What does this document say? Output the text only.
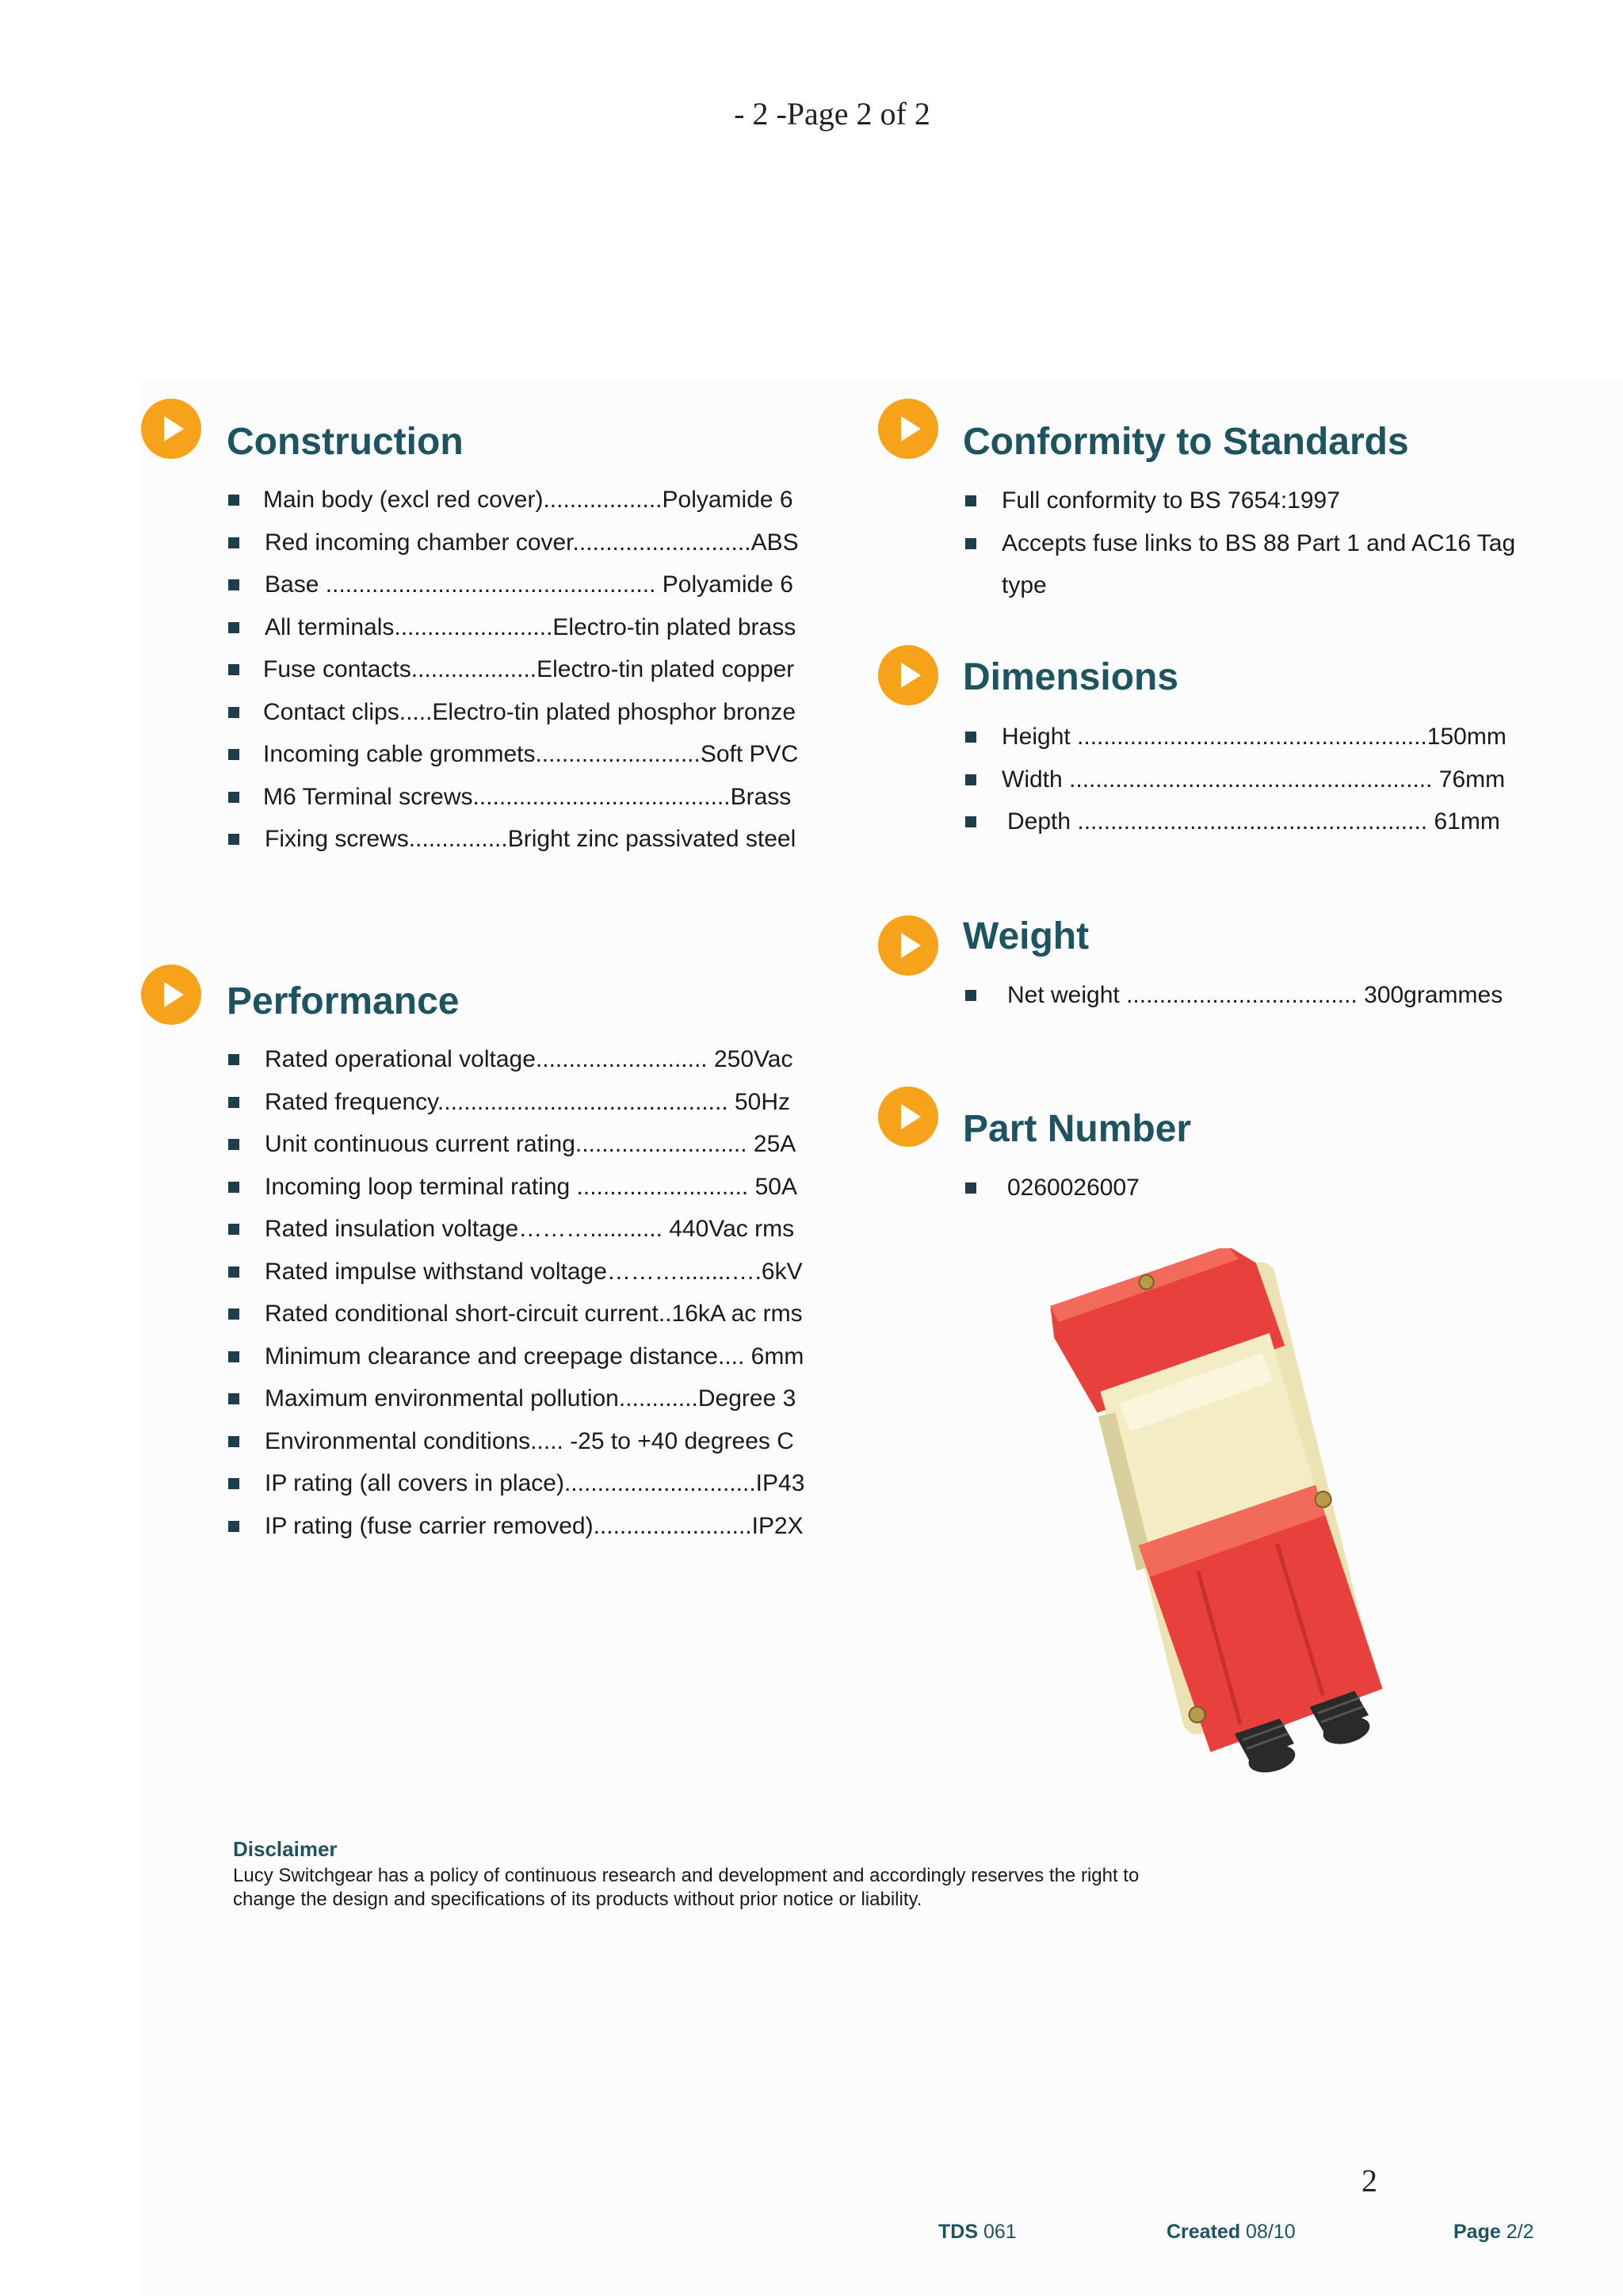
- 2 -Page 2 of 2
Construction
Main body (excl red cover)..................Polyamide 6
Red incoming chamber cover...........................ABS
Base .................................................. Polyamide 6
All terminals........................Electro-tin plated brass
Fuse contacts...................Electro-tin plated copper
Contact clips.....Electro-tin plated phosphor bronze
Incoming cable grommets.........................Soft PVC
M6 Terminal screws.......................................Brass
Fixing screws...............Bright zinc passivated steel
Performance
Rated operational voltage.......................... 250Vac
Rated frequency............................................ 50Hz
Unit continuous current rating.......................... 25A
Incoming loop terminal rating .......................... 50A
Rated insulation voltage………........... 440Vac rms
Rated impulse withstand voltage………........….6kV
Rated conditional short-circuit current..16kA ac rms
Minimum clearance and creepage distance.... 6mm
Maximum environmental pollution............Degree 3
Environmental conditions..... -25 to +40 degrees C
IP rating (all covers in place).............................IP43
IP rating (fuse carrier removed)........................IP2X
Conformity to Standards
Full conformity to BS 7654:1997
Accepts fuse links to BS 88 Part 1 and AC16 Tag
type
Dimensions
Height .....................................................150mm
Width ....................................................... 76mm
Depth ..................................................... 61mm
Weight
Net weight ................................... 300grammes
Part Number
0260026007
Disclaimer
Lucy Switchgear has a policy of continuous research and development and accordingly reserves the right to change the design and specifications of its products without prior notice or liability.
2
TDS 061	Created 08/10	Page 2/2
